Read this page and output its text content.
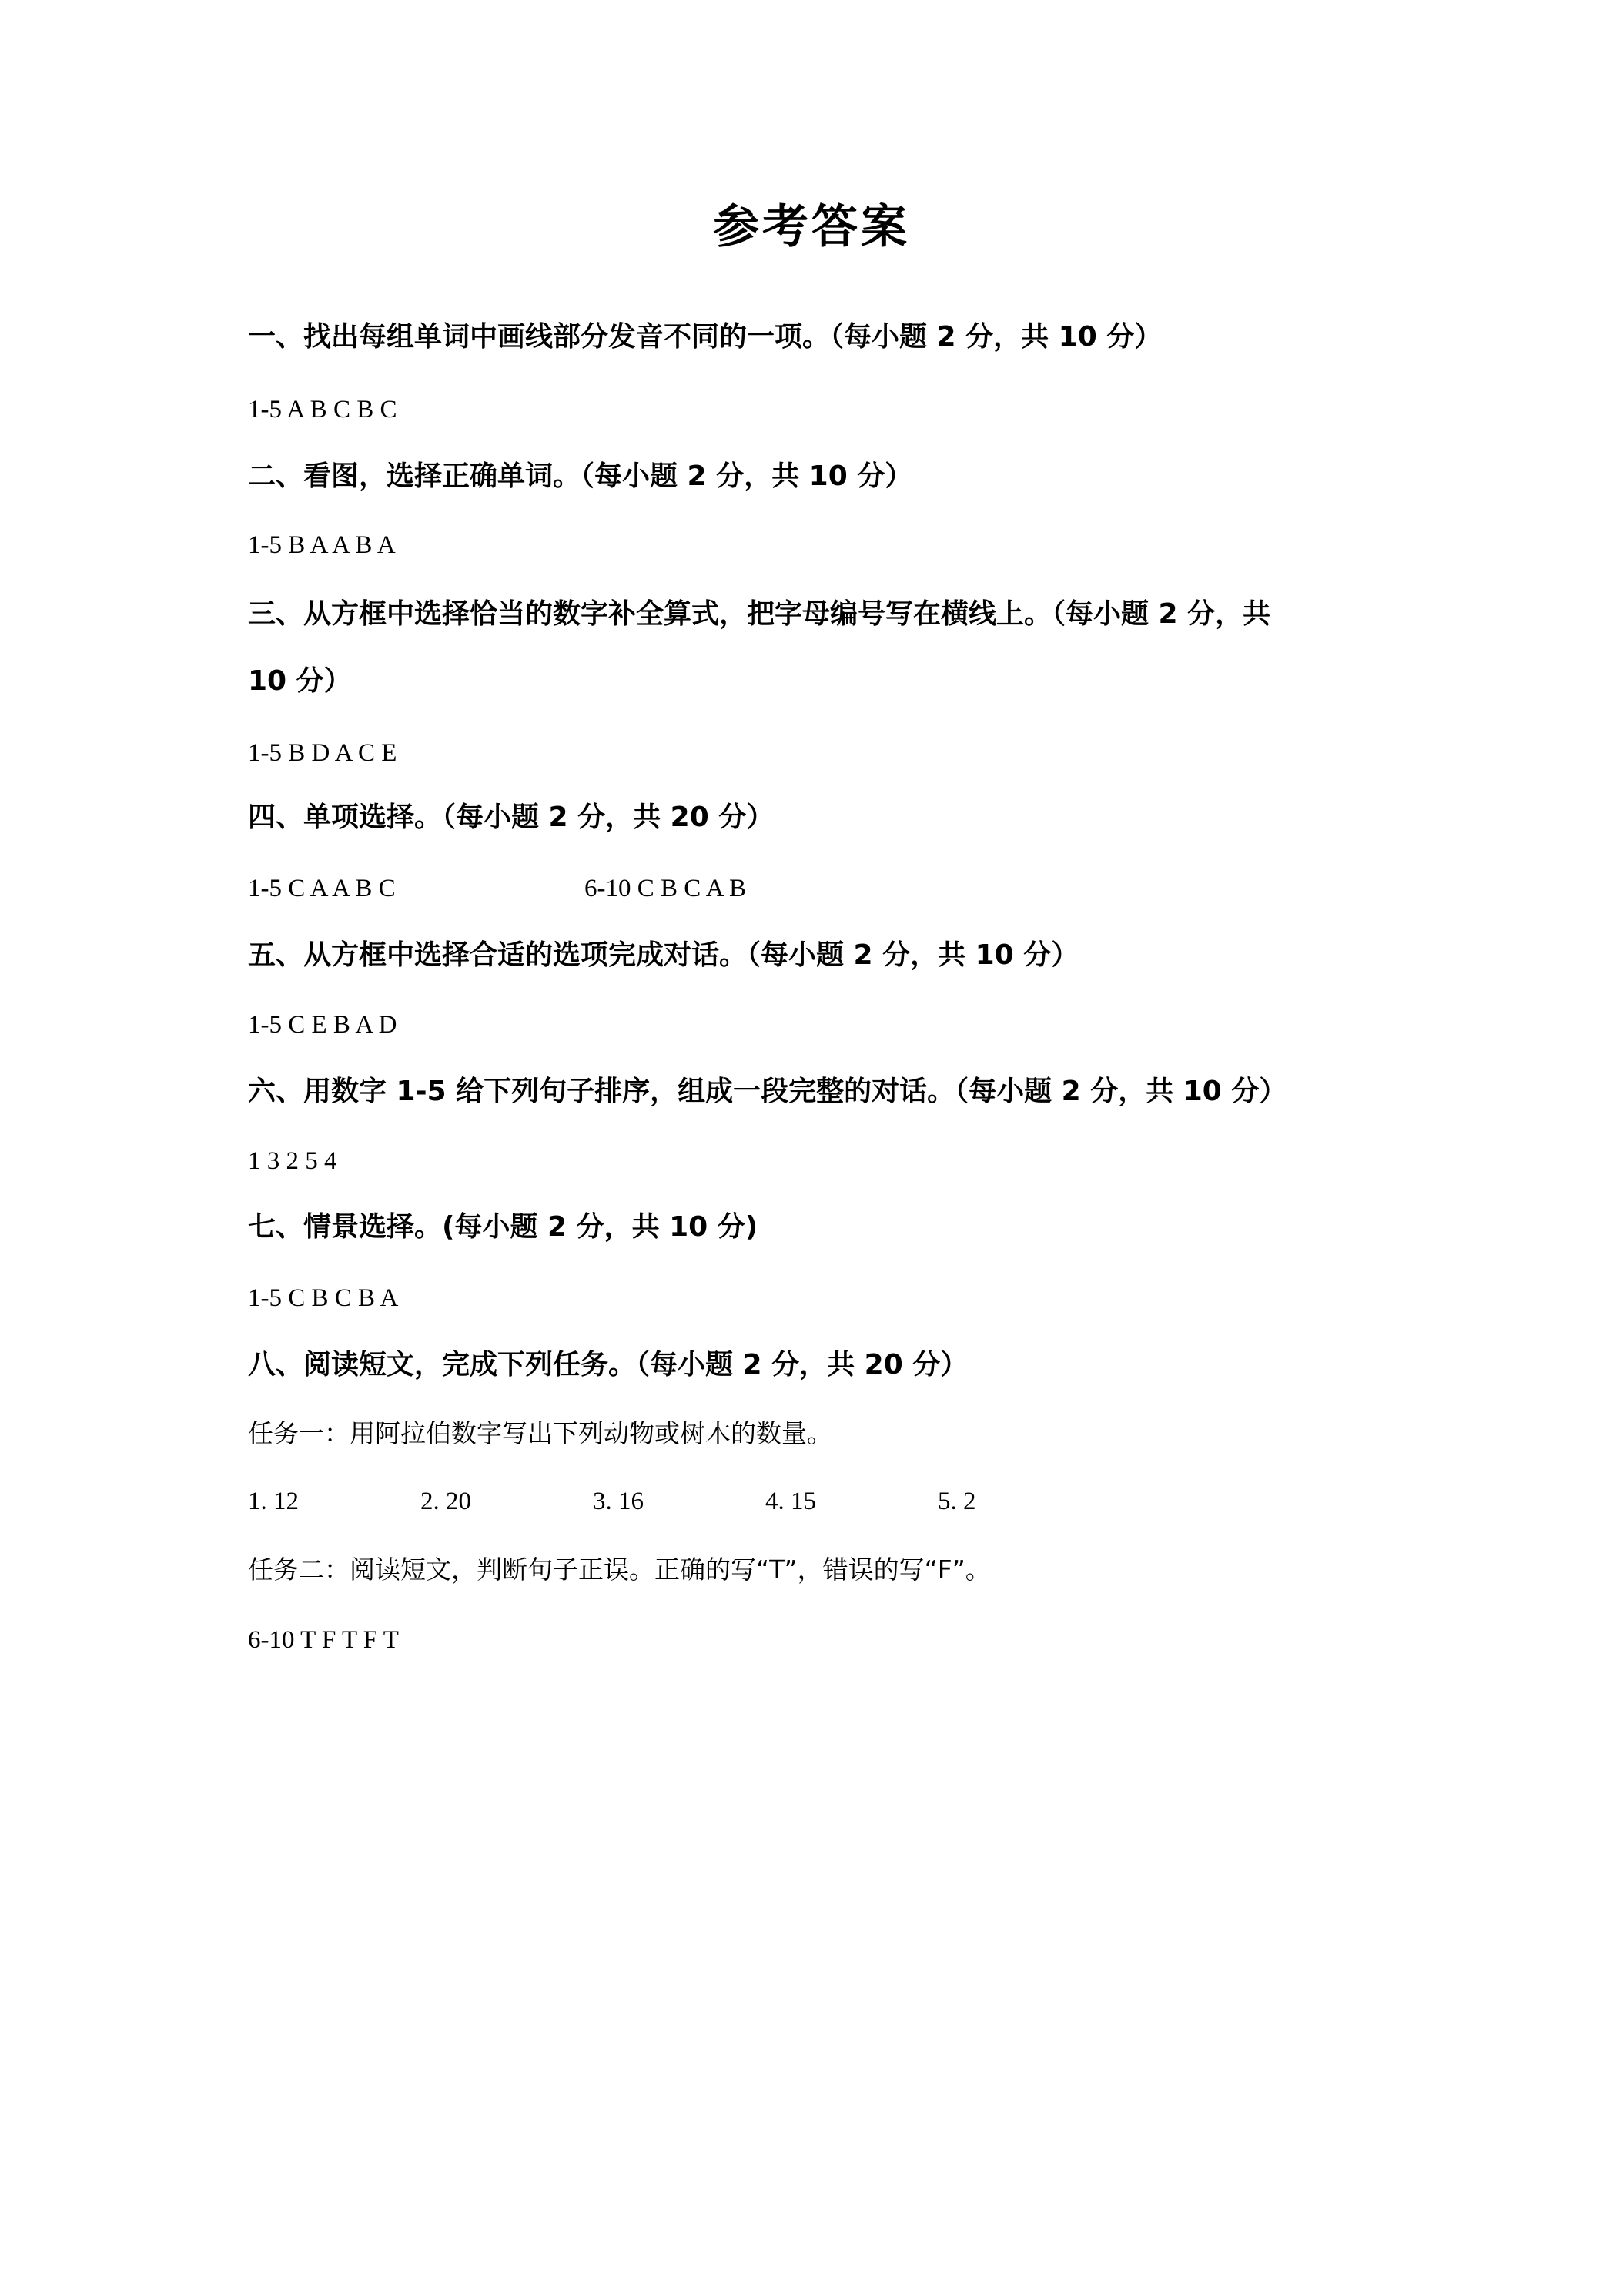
参考答案
一、找出每组单词中画线部分发音不同的一项。（每小题 2 分，共 10 分）
1-5 A B C B C
二、看图，选择正确单词。（每小题 2 分，共 10 分）
1-5 B A A B A
三、从方框中选择恰当的数字补全算式，把字母编号写在横线上。（每小题 2 分，共
10 分）
1-5 B D A C E
四、单项选择。（每小题 2 分，共 20 分）
1-5 C A A B C	6-10 C B C A B
五、从方框中选择合适的选项完成对话。（每小题 2 分，共 10 分）
1-5 C E B A D
六、用数字 1-5 给下列句子排序，组成一段完整的对话。（每小题 2 分，共 10 分）
1 3 2 5 4
七、情景选择。(每小题 2 分，共 10 分)
1-5 C B C B A
八、阅读短文，完成下列任务。（每小题 2 分，共 20 分）
任务一：用阿拉伯数字写出下列动物或树木的数量。
1. 12	2. 20	3. 16	4. 15	5. 2
任务二：阅读短文，判断句子正误。正确的写“T”，错误的写“F”。
6-10 T F T F T
